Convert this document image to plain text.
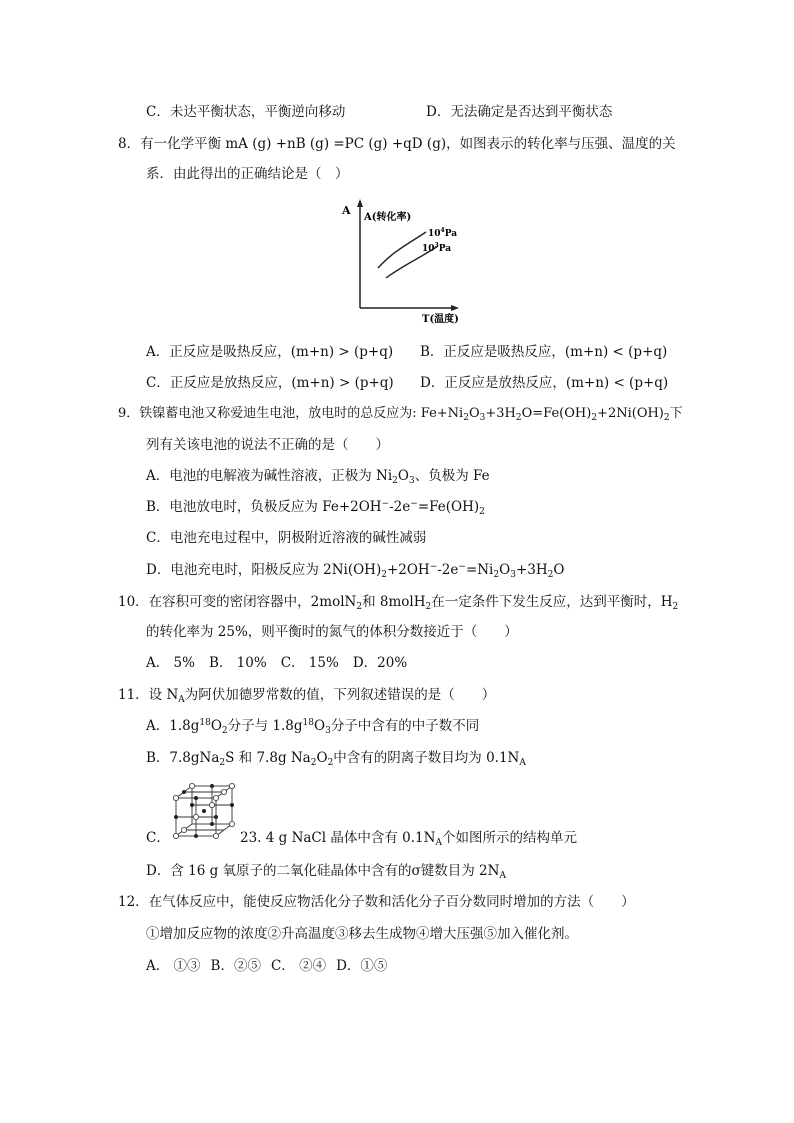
C．未达平衡状态，平衡逆向移动	D．无法确定是否达到平衡状态
8．有一化学平衡 mA (g) +nB (g) =PC (g) +qD (g)，如图表示的转化率与压强、温度的关
系．由此得出的正确结论是（　）
A
A(转化率)
$10^4Pa$
$10^3Pa$
T(温度)
A．正反应是吸热反应，(m+n) > (p+q) B．正反应是吸热反应，(m+n) < (p+q)
C．正反应是放热反应，(m+n) > (p+q) D．正反应是放热反应，(m+n) < (p+q)
9．铁镍蓄电池又称爱迪生电池，放电时的总反应为: $Fe+Ni_2O_3+3H_2O=Fe(OH)_2+2Ni(OH)_2$下
列有关该电池的说法不正确的是（　　）
A．电池的电解液为碱性溶液，正极为 $Ni_2O_3$、负极为 Fe
B．电池放电时，负极反应为 $Fe+2OH^--2e^-=Fe(OH)_2$
C．电池充电过程中，阴极附近溶液的碱性减弱
D．电池充电时，阳极反应为 $2Ni(OH)_2+2OH^--2e^-=Ni_2O_3+3H_2O$
10．在容积可变的密闭容器中，2molN$_2$和 8molH$_2$在一定条件下发生反应，达到平衡时，$H_2$
的转化率为 25%，则平衡时的氮气的体积分数接近于（　　）
A． 5% B． 10% C． 15% D．20%
11．设 $N_A$为阿伏加德罗常数的值，下列叙述错误的是（　　）
A．$1.8g^{18}O_2$分子与 $1.8g^{18}O_3$分子中含有的中子数不同
B．7.8gNa$_2$S 和 7.8g $Na_2O_2$中含有的阴离子数目均为 $0.1N_A$
C．	23. 4 g NaCl 晶体中含有 $0.1N_A$个如图所示的结构单元
D．含 16 g 氧原子的二氧化硅晶体中含有的σ键数目为 $2N_A$
12．在气体反应中，能使反应物活化分子数和活化分子百分数同时增加的方法（　　）
①增加反应物的浓度②升高温度③移去生成物④增大压强⑤加入催化剂。
A． ①③ B．②⑤ C． ②④ D．①⑤
